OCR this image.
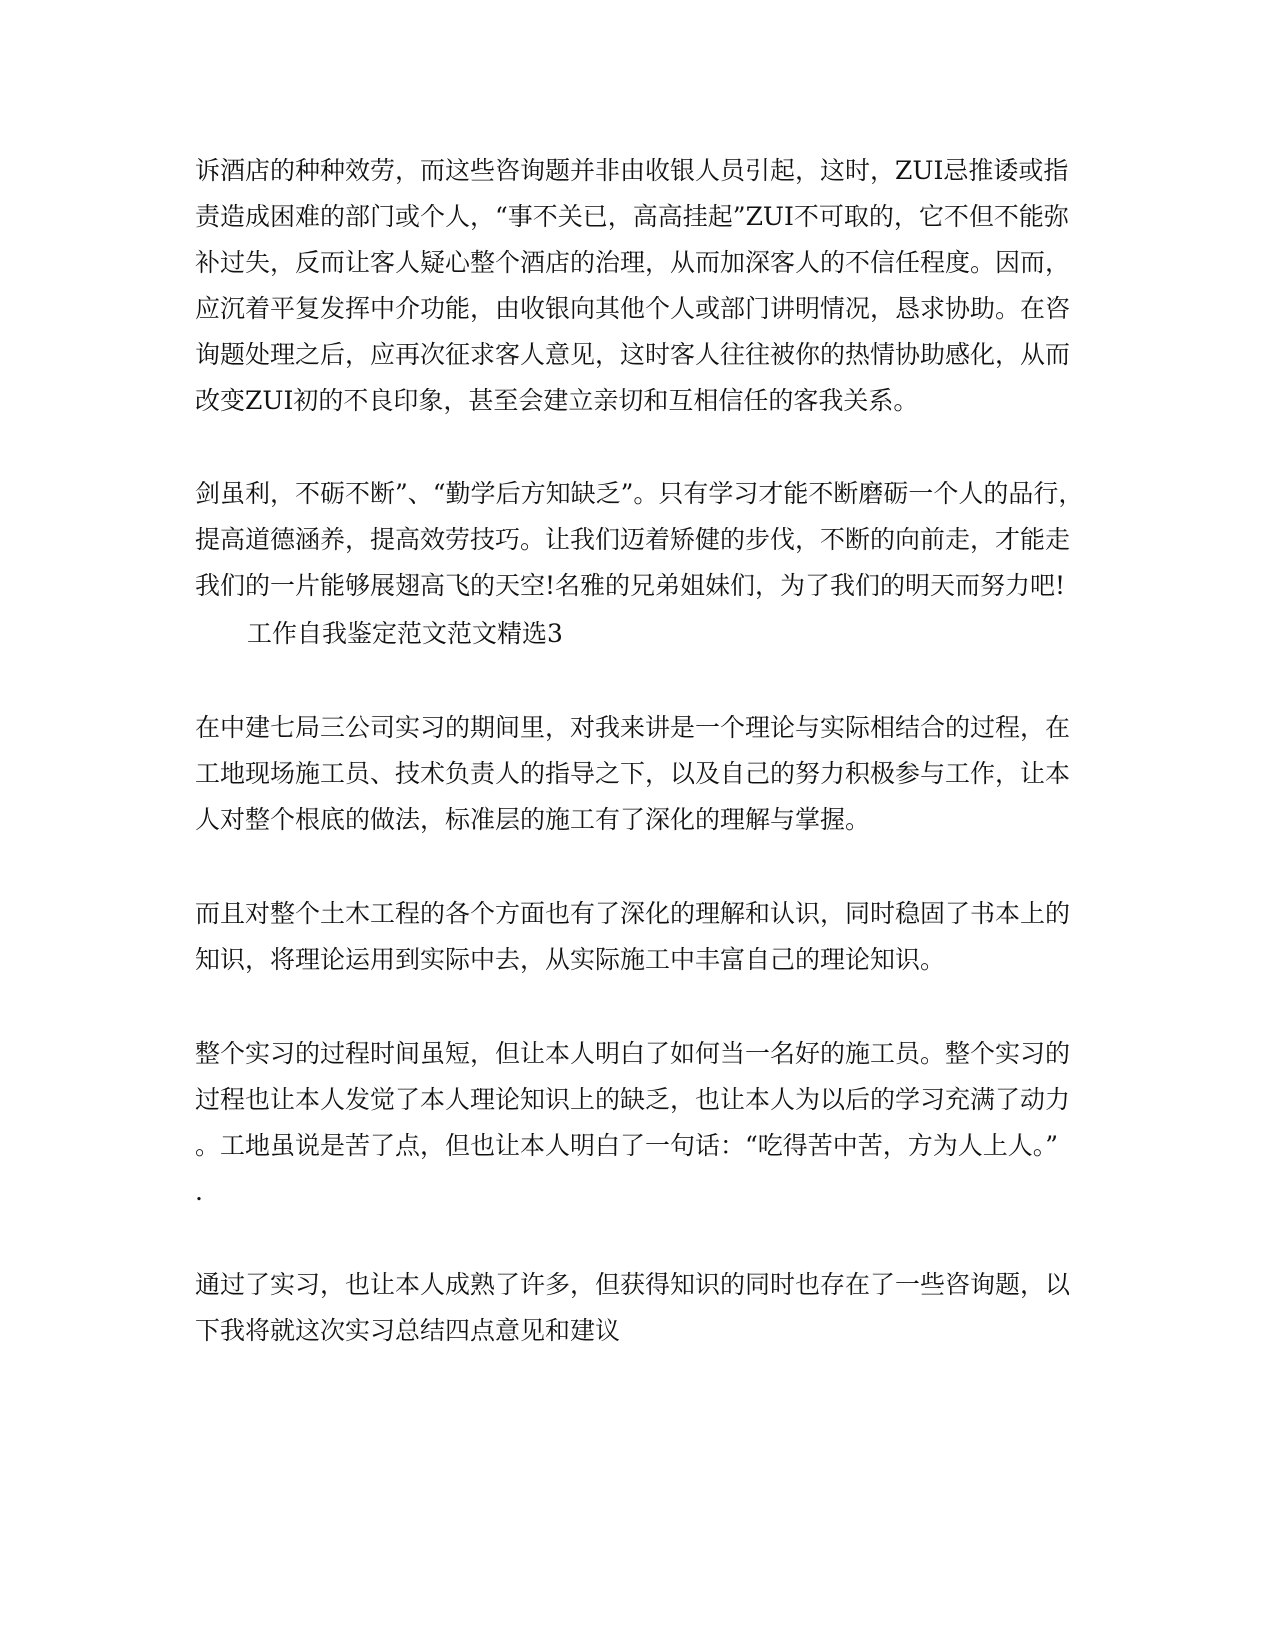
诉酒店的种种效劳，而这些咨询题并非由收银人员引起，这时，ZUI忌推诿或指
责造成困难的部门或个人，“事不关已，高高挂起”ZUI不可取的，它不但不能弥
补过失，反而让客人疑心整个酒店的治理，从而加深客人的不信任程度。因而，
应沉着平复发挥中介功能，由收银向其他个人或部门讲明情况，恳求协助。在咨
询题处理之后，应再次征求客人意见，这时客人往往被你的热情协助感化，从而
改变ZUI初的不良印象，甚至会建立亲切和互相信任的客我关系。
剑虽利，不砺不断”、“勤学后方知缺乏”。只有学习才能不断磨砺一个人的品行，
提高道德涵养，提高效劳技巧。让我们迈着矫健的步伐，不断的向前走，才能走
我们的一片能够展翅高飞的天空!名雅的兄弟姐妹们，为了我们的明天而努力吧!
工作自我鉴定范文范文精选3
在中建七局三公司实习的期间里，对我来讲是一个理论与实际相结合的过程，在
工地现场施工员、技术负责人的指导之下，以及自己的努力积极参与工作，让本
人对整个根底的做法，标准层的施工有了深化的理解与掌握。
而且对整个土木工程的各个方面也有了深化的理解和认识，同时稳固了书本上的
知识，将理论运用到实际中去，从实际施工中丰富自己的理论知识。
整个实习的过程时间虽短，但让本人明白了如何当一名好的施工员。整个实习的
过程也让本人发觉了本人理论知识上的缺乏，也让本人为以后的学习充满了动力
。工地虽说是苦了点，但也让本人明白了一句话：“吃得苦中苦，方为人上人。”
.
通过了实习，也让本人成熟了许多，但获得知识的同时也存在了一些咨询题，以
下我将就这次实习总结四点意见和建议
